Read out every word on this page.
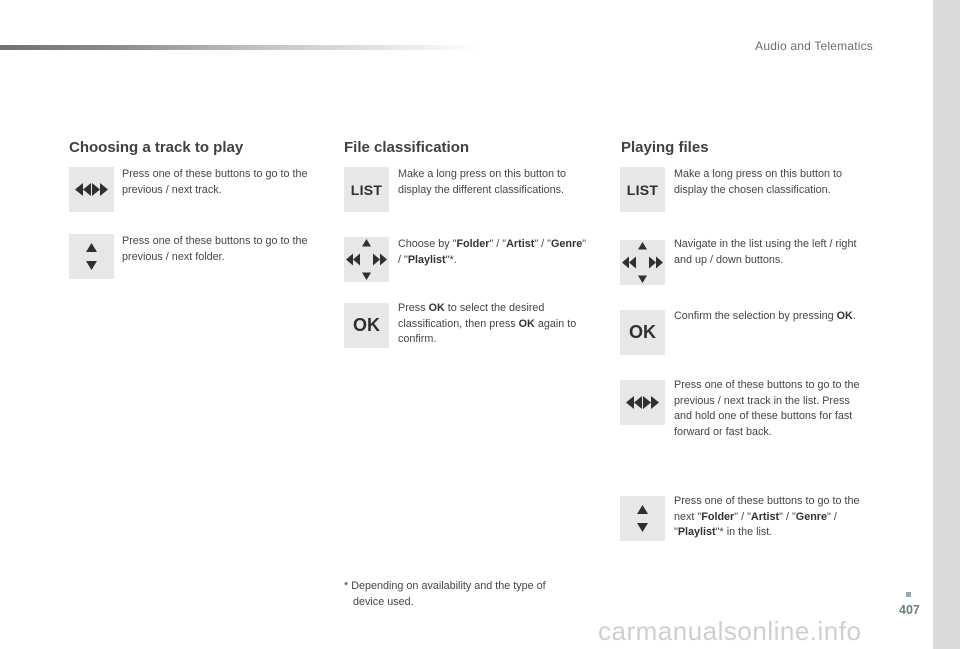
Audio and Telematics
Choosing a track to play
Press one of these buttons to go to the previous / next track.
Press one of these buttons to go to the previous / next folder.
File classification
LIST
Make a long press on this button to display the different classifications.
Choose by "Folder" / "Artist" / "Genre" / "Playlist"*.
OK
Press OK to select the desired classification, then press OK again to confirm.
* Depending on availability and the type of
device used.
Playing files
LIST
Make a long press on this button to display the chosen classification.
Navigate in the list using the left / right and up / down buttons.
OK
Confirm the selection by pressing OK.
Press one of these buttons to go to the previous / next track in the list. Press and hold one of these buttons for fast forward or fast back.
Press one of these buttons to go to the next "Folder" / "Artist" / "Genre" / "Playlist"* in the list.
407
carmanualsonline.info
